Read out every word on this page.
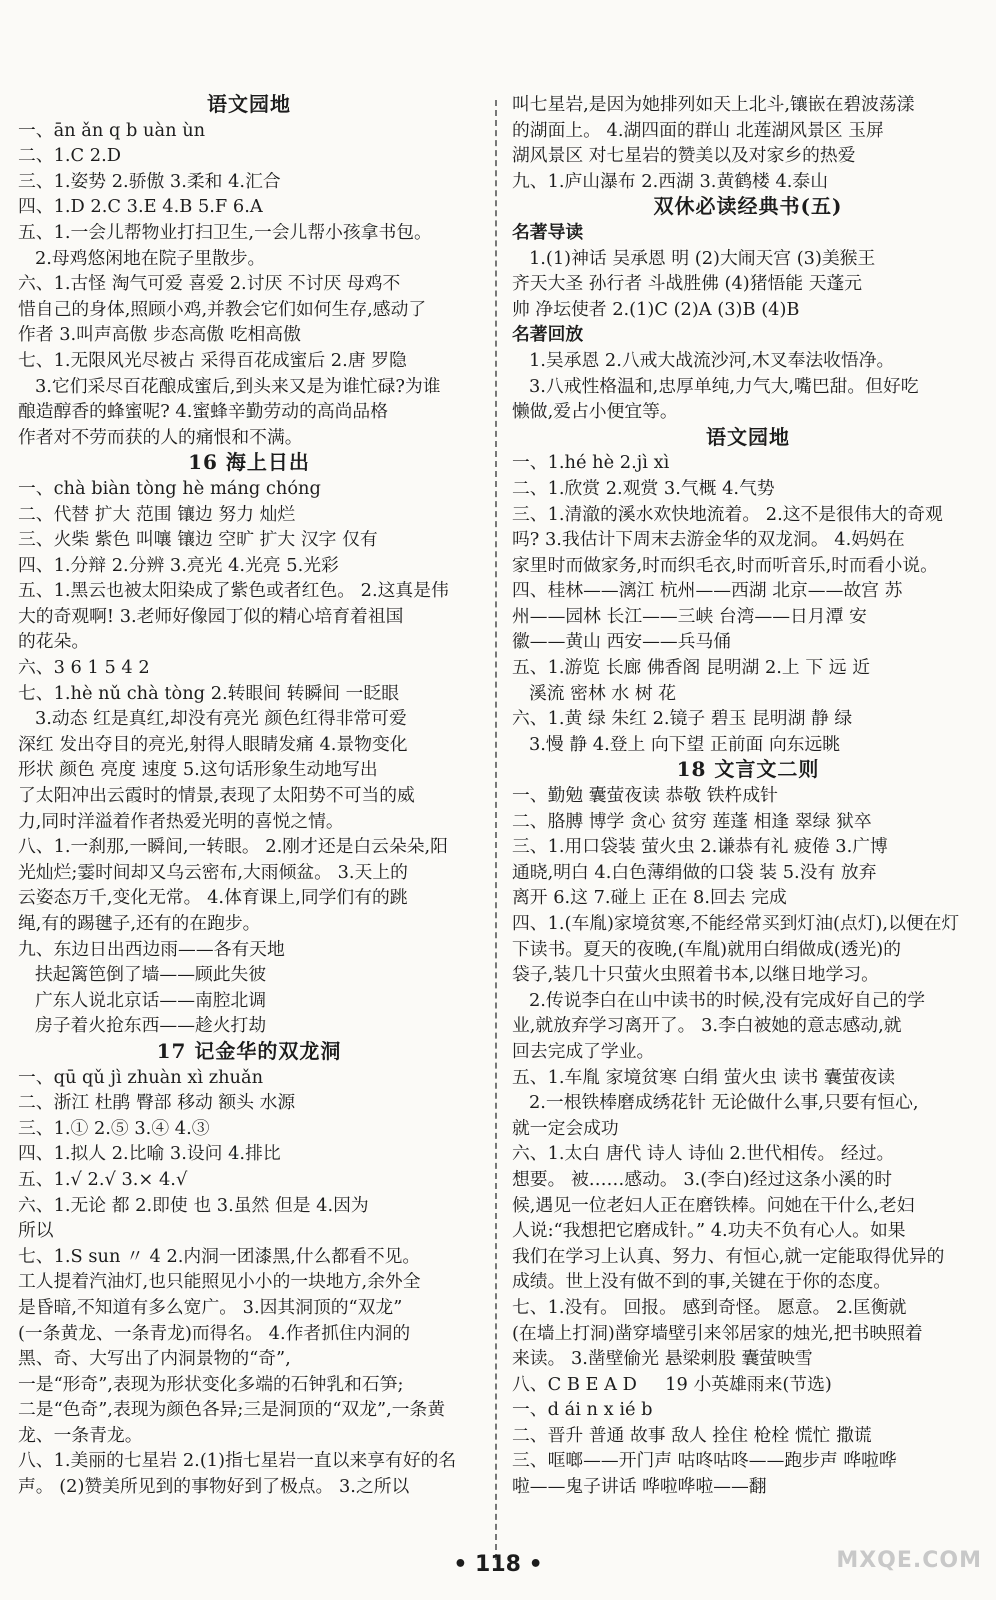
语文园地
一、ān ǎn q b uàn ùn
二、1.C 2.D
三、1.姿势 2.骄傲 3.柔和 4.汇合
四、1.D 2.C 3.E 4.B 5.F 6.A
五、1.一会儿帮物业打扫卫生,一会儿帮小孩拿书包。
2.母鸡悠闲地在院子里散步。
六、1.古怪 淘气可爱 喜爱 2.讨厌 不讨厌 母鸡不
惜自己的身体,照顾小鸡,并教会它们如何生存,感动了
作者 3.叫声高傲 步态高傲 吃相高傲
七、1.无限风光尽被占 采得百花成蜜后 2.唐 罗隐
3.它们采尽百花酿成蜜后,到头来又是为谁忙碌?为谁
酿造醇香的蜂蜜呢? 4.蜜蜂辛勤劳动的高尚品格
作者对不劳而获的人的痛恨和不满。
16 海上日出
一、chà biàn tòng hè máng chóng
二、代替 扩大 范围 镶边 努力 灿烂
三、火柴 紫色 叫嚷 镶边 空旷 扩大 汉字 仅有
四、1.分辩 2.分辨 3.亮光 4.光亮 5.光彩
五、1.黑云也被太阳染成了紫色或者红色。 2.这真是伟
大的奇观啊! 3.老师好像园丁似的精心培育着祖国
的花朵。
六、3 6 1 5 4 2
七、1.hè nǔ chà tòng 2.转眼间 转瞬间 一眨眼
3.动态 红是真红,却没有亮光 颜色红得非常可爱
深红 发出夺目的亮光,射得人眼睛发痛 4.景物变化
形状 颜色 亮度 速度 5.这句话形象生动地写出
了太阳冲出云霞时的情景,表现了太阳势不可当的威
力,同时洋溢着作者热爱光明的喜悦之情。
八、1.一刹那,一瞬间,一转眼。 2.刚才还是白云朵朵,阳
光灿烂;霎时间却又乌云密布,大雨倾盆。 3.天上的
云姿态万千,变化无常。 4.体育课上,同学们有的跳
绳,有的踢毽子,还有的在跑步。
九、东边日出西边雨——各有天地
扶起篱笆倒了墙——顾此失彼
广东人说北京话——南腔北调
房子着火抢东西——趁火打劫
17 记金华的双龙洞
一、qū qǔ jì zhuàn xì zhuǎn
二、浙江 杜鹃 臀部 移动 额头 水源
三、1.① 2.⑤ 3.④ 4.③
四、1.拟人 2.比喻 3.设问 4.排比
五、1.√ 2.√ 3.× 4.√
六、1.无论 都 2.即使 也 3.虽然 但是 4.因为
所以
七、1.S sun 〃 4 2.内洞一团漆黑,什么都看不见。
工人提着汽油灯,也只能照见小小的一块地方,余外全
是昏暗,不知道有多么宽广。 3.因其洞顶的“双龙”
(一条黄龙、一条青龙)而得名。 4.作者抓住内洞的
黑、奇、大写出了内洞景物的“奇”,
一是“形奇”,表现为形状变化多端的石钟乳和石笋;
二是“色奇”,表现为颜色各异;三是洞顶的“双龙”,一条黄
龙、一条青龙。
八、1.美丽的七星岩 2.(1)指七星岩一直以来享有好的名
声。 (2)赞美所见到的事物好到了极点。 3.之所以
叫七星岩,是因为她排列如天上北斗,镶嵌在碧波荡漾
的湖面上。 4.湖四面的群山 北莲湖风景区 玉屏
湖风景区 对七星岩的赞美以及对家乡的热爱
九、1.庐山瀑布 2.西湖 3.黄鹤楼 4.泰山
双休必读经典书(五)
名著导读
1.(1)神话 吴承恩 明 (2)大闹天宫 (3)美猴王
齐天大圣 孙行者 斗战胜佛 (4)猪悟能 天蓬元
帅 净坛使者 2.(1)C (2)A (3)B (4)B
名著回放
1.吴承恩 2.八戒大战流沙河,木叉奉法收悟净。
3.八戒性格温和,忠厚单纯,力气大,嘴巴甜。但好吃
懒做,爱占小便宜等。
语文园地
一、1.hé hè 2.jì xì
二、1.欣赏 2.观赏 3.气概 4.气势
三、1.清澈的溪水欢快地流着。 2.这不是很伟大的奇观
吗? 3.我估计下周末去游金华的双龙洞。 4.妈妈在
家里时而做家务,时而织毛衣,时而听音乐,时而看小说。
四、桂林——漓江 杭州——西湖 北京——故宫 苏
州——园林 长江——三峡 台湾——日月潭 安
徽——黄山 西安——兵马俑
五、1.游览 长廊 佛香阁 昆明湖 2.上 下 远 近
溪流 密林 水 树 花
六、1.黄 绿 朱红 2.镜子 碧玉 昆明湖 静 绿
3.慢 静 4.登上 向下望 正前面 向东远眺
18 文言文二则
一、勤勉 囊萤夜读 恭敬 铁杵成针
二、胳膊 博学 贪心 贫穷 莲蓬 相逢 翠绿 狱卒
三、1.用口袋装 萤火虫 2.谦恭有礼 疲倦 3.广博
通晓,明白 4.白色薄绢做的口袋 装 5.没有 放弃
离开 6.这 7.碰上 正在 8.回去 完成
四、1.(车胤)家境贫寒,不能经常买到灯油(点灯),以便在灯
下读书。夏天的夜晚,(车胤)就用白绢做成(透光)的
袋子,装几十只萤火虫照着书本,以继日地学习。
2.传说李白在山中读书的时候,没有完成好自己的学
业,就放弃学习离开了。 3.李白被她的意志感动,就
回去完成了学业。
五、1.车胤 家境贫寒 白绢 萤火虫 读书 囊萤夜读
2.一根铁棒磨成绣花针 无论做什么事,只要有恒心,
就一定会成功
六、1.太白 唐代 诗人 诗仙 2.世代相传。 经过。
想要。 被……感动。 3.(李白)经过这条小溪的时
候,遇见一位老妇人正在磨铁棒。问她在干什么,老妇
人说:“我想把它磨成针。” 4.功夫不负有心人。如果
我们在学习上认真、努力、有恒心,就一定能取得优异的
成绩。世上没有做不到的事,关键在于你的态度。
七、1.没有。 回报。 感到奇怪。 愿意。 2.匡衡就
(在墙上打洞)凿穿墙壁引来邻居家的烛光,把书映照着
来读。 3.凿壁偷光 悬梁刺股 囊萤映雪
八、C B E A D     19 小英雄雨来(节选)
一、d ái n x ié b
二、晋升 普通 故事 敌人 拴住 枪栓 慌忙 撒谎
三、哐啷——开门声 咕咚咕咚——跑步声 哗啦哗
啦——鬼子讲话 哗啦哗啦——翻
• 118 •	MXQE.COM
